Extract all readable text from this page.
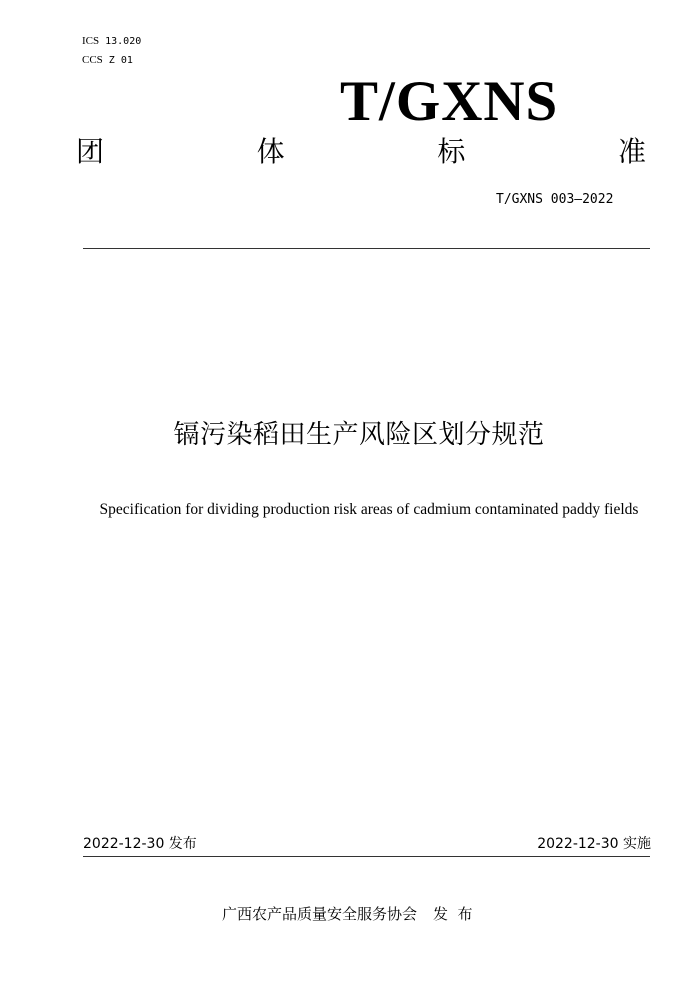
ICS 13.020
CCS Z 01
T/GXNS
团	体	标	准
T/GXNS 003—2022
镉污染稻田生产风险区划分规范
Specification for dividing production risk areas of cadmium contaminated paddy fields
2022-12-30 发布	2022-12-30 实施
广西农产品质量安全服务协会 发  布
